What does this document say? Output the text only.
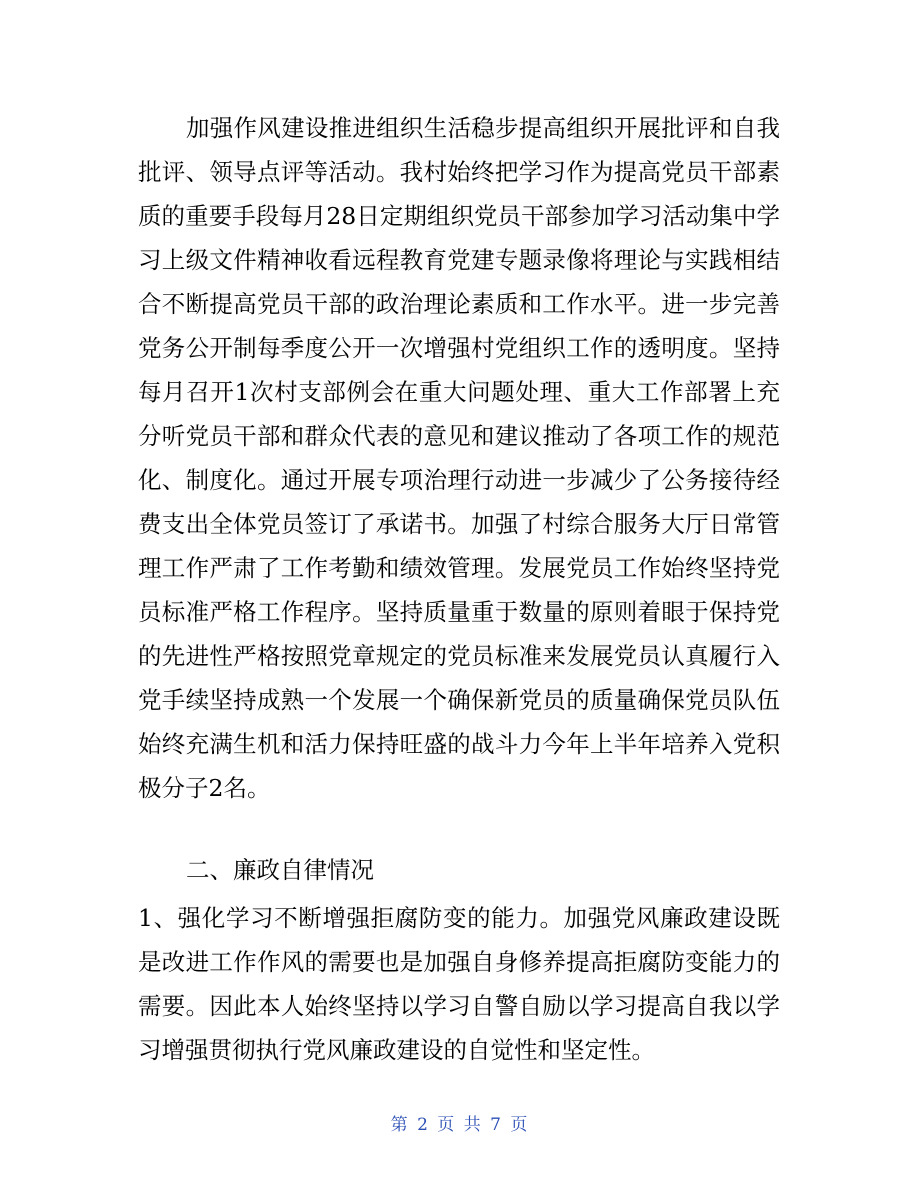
加强作风建设推进组织生活稳步提高组织开展批评和自我
批评、领导点评等活动。我村始终把学习作为提高党员干部素
质的重要手段每月28日定期组织党员干部参加学习活动集中学
习上级文件精神收看远程教育党建专题录像将理论与实践相结
合不断提高党员干部的政治理论素质和工作水平。进一步完善
党务公开制每季度公开一次增强村党组织工作的透明度。坚持
每月召开1次村支部例会在重大问题处理、重大工作部署上充
分听党员干部和群众代表的意见和建议推动了各项工作的规范
化、制度化。通过开展专项治理行动进一步减少了公务接待经
费支出全体党员签订了承诺书。加强了村综合服务大厅日常管
理工作严肃了工作考勤和绩效管理。发展党员工作始终坚持党
员标准严格工作程序。坚持质量重于数量的原则着眼于保持党
的先进性严格按照党章规定的党员标准来发展党员认真履行入
党手续坚持成熟一个发展一个确保新党员的质量确保党员队伍
始终充满生机和活力保持旺盛的战斗力今年上半年培养入党积
极分子2名。
二、廉政自律情况
1、强化学习不断增强拒腐防变的能力。加强党风廉政建设既
是改进工作作风的需要也是加强自身修养提高拒腐防变能力的
需要。因此本人始终坚持以学习自警自励以学习提高自我以学
习增强贯彻执行党风廉政建设的自觉性和坚定性。
第 2 页 共 7 页
